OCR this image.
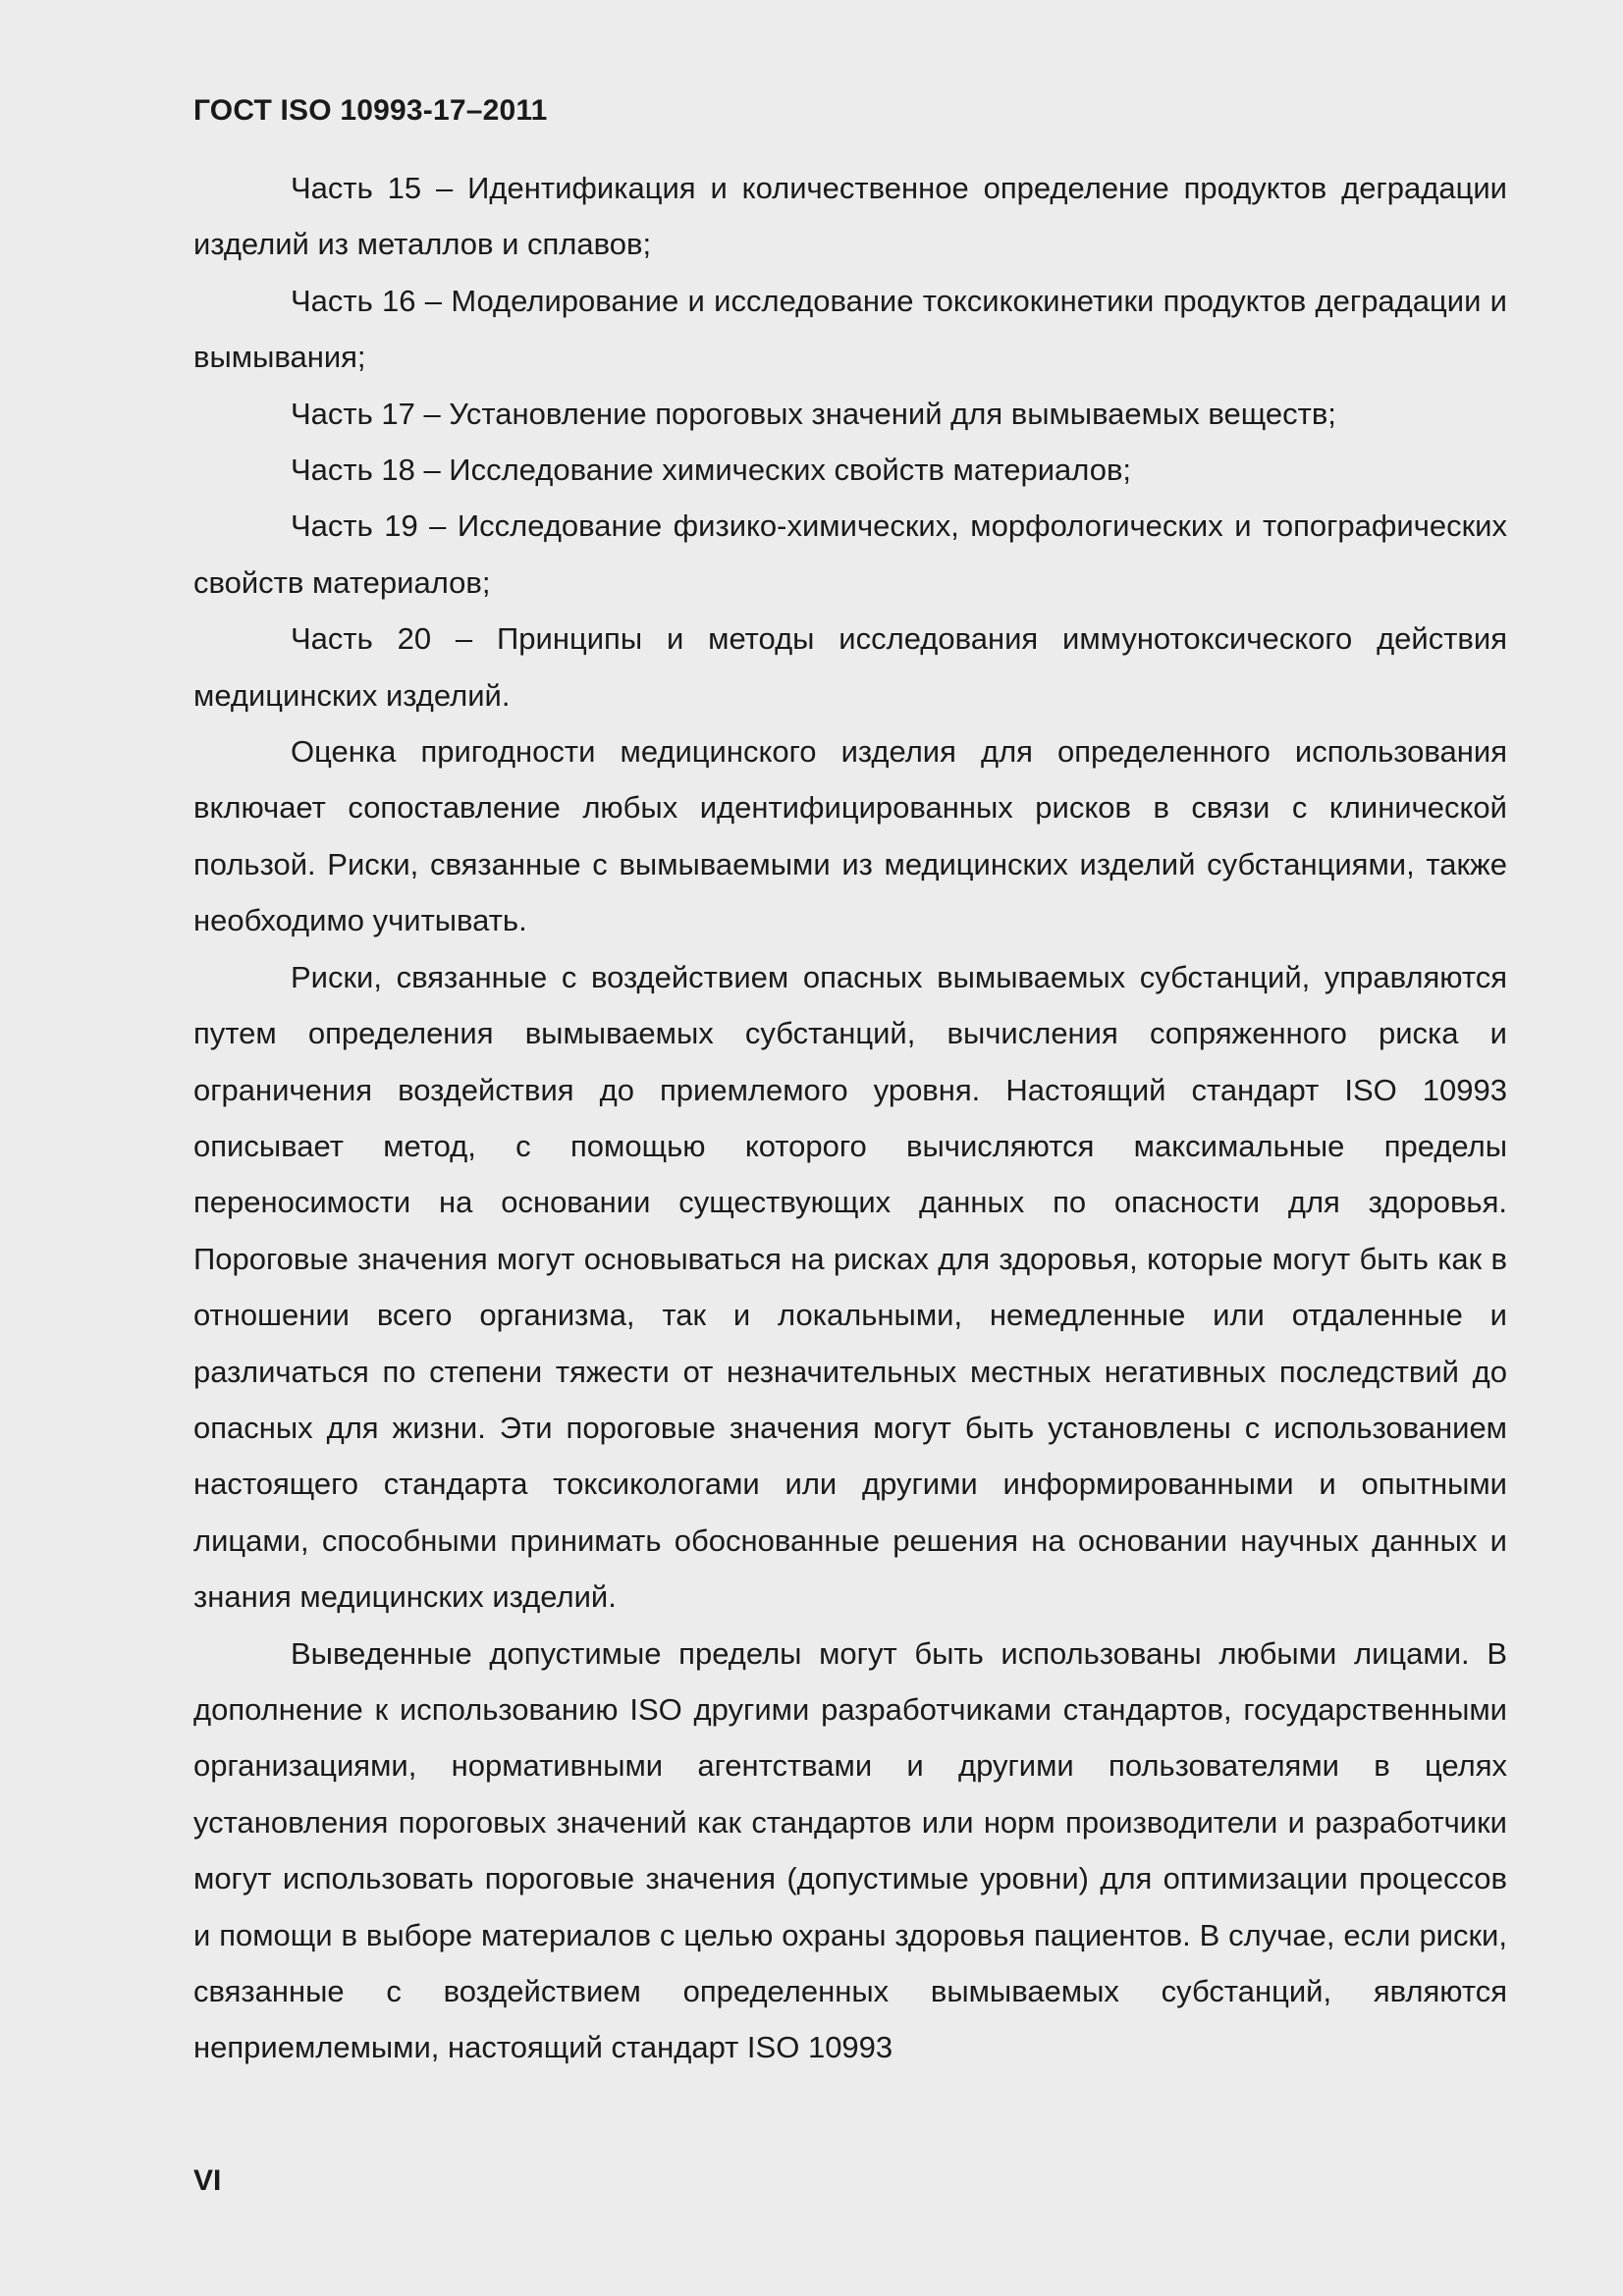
ГОСТ ISO 10993-17–2011

Часть 15 – Идентификация и количественное определение продуктов деградации изделий из металлов и сплавов;

Часть 16 – Моделирование и исследование токсикокинетики продуктов деградации и вымывания;

Часть 17 – Установление пороговых значений для вымываемых веществ;

Часть 18 – Исследование химических свойств материалов;

Часть 19 – Исследование физико-химических, морфологических и топографических свойств материалов;

Часть 20 – Принципы и методы исследования иммунотоксического действия медицинских изделий.

Оценка пригодности медицинского изделия для определенного использования включает сопоставление любых идентифицированных рисков в связи с клинической пользой. Риски, связанные с вымываемыми из медицинских изделий субстанциями, также необходимо учитывать.

Риски, связанные с воздействием опасных вымываемых субстанций, управляются путем определения вымываемых субстанций, вычисления сопряженного риска и ограничения воздействия до приемлемого уровня. Настоящий стандарт ISO 10993 описывает метод, с помощью которого вычисляются максимальные пределы переносимости на основании существующих данных по опасности для здоровья. Пороговые значения могут основываться на рисках для здоровья, которые могут быть как в отношении всего организма, так и локальными, немедленные или отдаленные и различаться по степени тяжести от незначительных местных негативных последствий до опасных для жизни. Эти пороговые значения могут быть установлены с использованием настоящего стандарта токсикологами или другими информированными и опытными лицами, способными принимать обоснованные решения на основании научных данных и знания медицинских изделий.

Выведенные допустимые пределы могут быть использованы любыми лицами. В дополнение к использованию ISO другими разработчиками стандартов, государственными организациями, нормативными агентствами и другими пользователями в целях установления пороговых значений как стандартов или норм производители и разработчики могут использовать пороговые значения (допустимые уровни) для оптимизации процессов и помощи в выборе материалов с целью охраны здоровья пациентов. В случае, если риски, связанные с воздействием определенных вымываемых субстанций, являются неприемлемыми, настоящий стандарт ISO 10993

VI
